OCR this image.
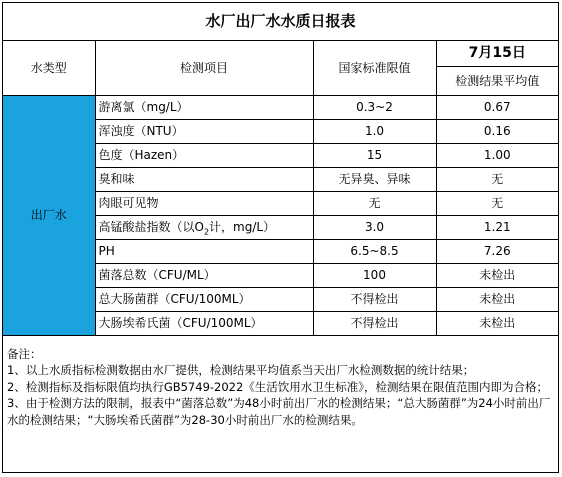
水厂出厂水水质日报表			
水类型	检测项目	国家标准限值	7月15日
			检测结果平均值
出厂水	游离氯（mg/L）	0.3~2	0.67
	浑浊度（NTU）	1.0	0.16
	色度（Hazen）	15	1.00
	臭和味	无异臭、异味	无
	肉眼可见物	无	无
	高锰酸盐指数（以$O_2$计，mg/L）	3.0	1.21
	PH	6.5~8.5	7.26
	菌落总数（CFU/ML）	100	未检出
	总大肠菌群（CFU/100ML）	不得检出	未检出
	大肠埃希氏菌（CFU/100ML）	不得检出	未检出
备注：
1、以上水质指标检测数据由水厂提供，检测结果平均值系当天出厂水检测数据的统计结果；
2、检测指标及指标限值均执行GB5749-2022《生活饮用水卫生标准》，检测结果在限值范围内即为合格；
3、由于检测方法的限制，报表中“菌落总数”为48小时前出厂水的检测结果；“总大肠菌群”为24小时前出厂水的检测结果；“大肠埃希氏菌群”为28-30小时前出厂水的检测结果。
